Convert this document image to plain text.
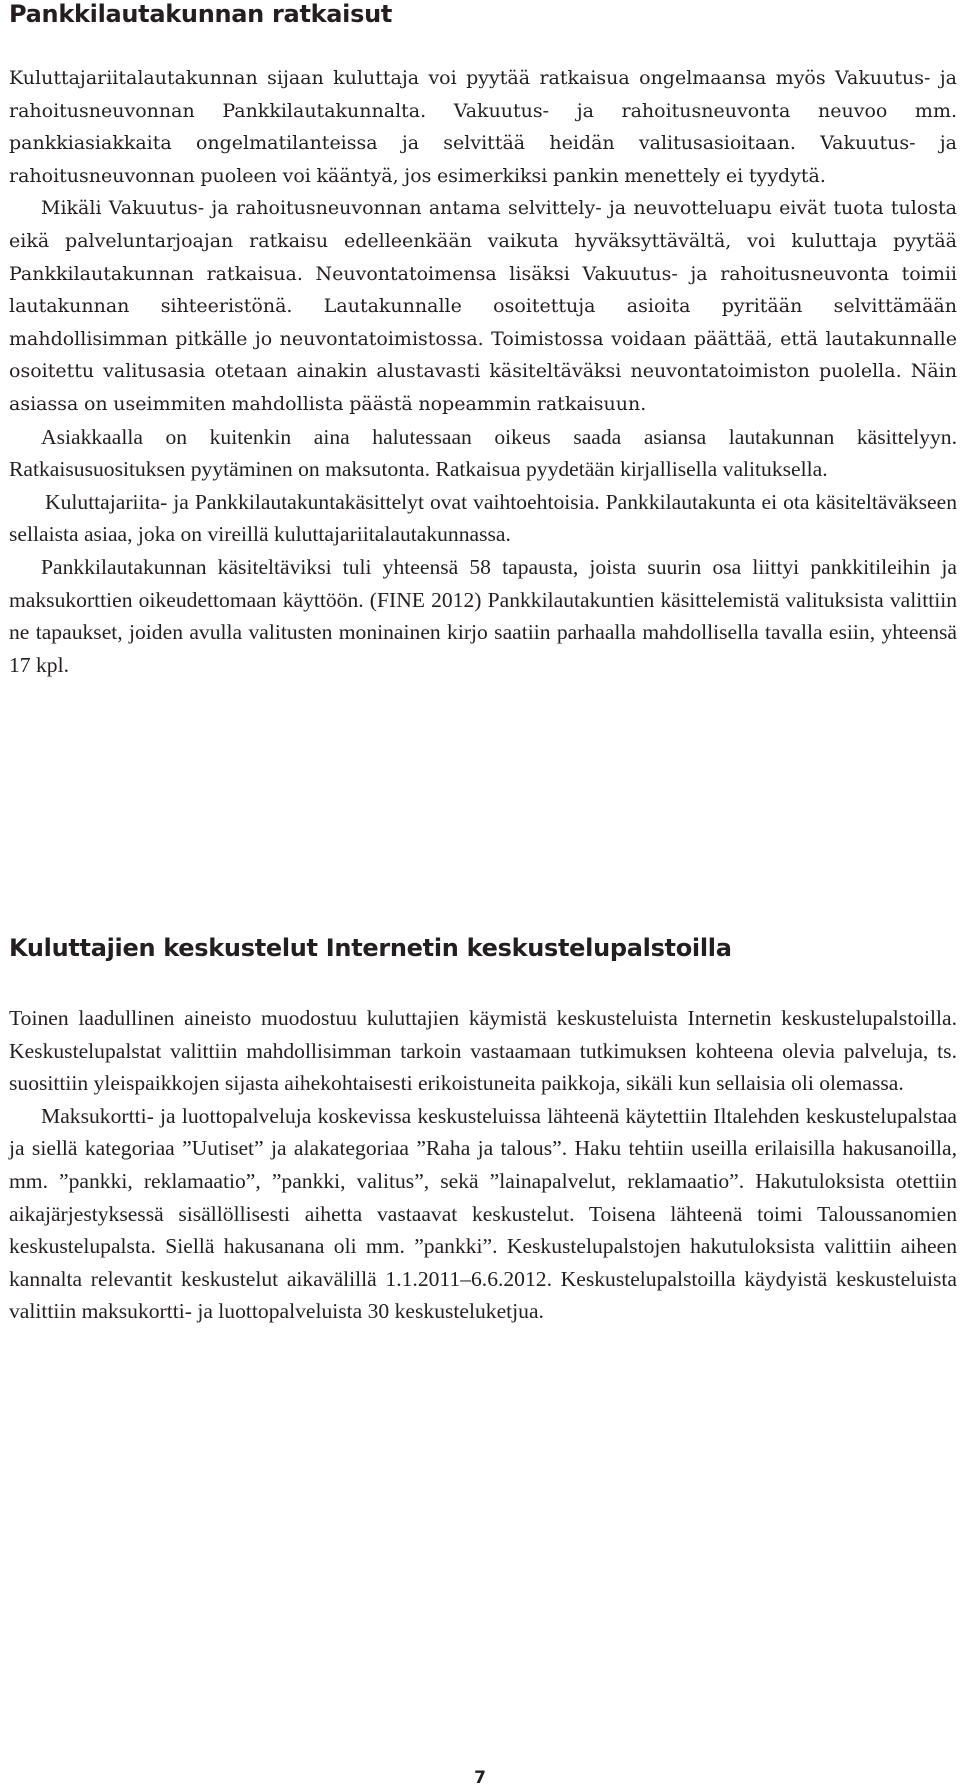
Pankkilautakunnan ratkaisut

Kuluttajariitalautakunnan sijaan kuluttaja voi pyytää ratkaisua ongelmaansa myös Vakuutus- ja rahoitusneuvonnan Pankkilautakunnalta. Vakuutus- ja rahoitusneuvonta neuvoo mm. pankkiasiakkaita ongelmatilanteissa ja selvittää heidän valitusasioitaan. Vakuutus- ja rahoitusneuvonnan puoleen voi kääntyä, jos esimerkiksi pankin menettely ei tyydytä.

Mikäli Vakuutus- ja rahoitusneuvonnan antama selvittely- ja neuvotteluapu eivät tuota tulosta eikä palveluntarjoajan ratkaisu edelleenkään vaikuta hyväksyttävältä, voi kuluttaja pyytää Pankkilautakunnan ratkaisua. Neuvontatoimensa lisäksi Vakuutus- ja rahoitusneuvonta toimii lautakunnan sihteeristönä. Lautakunnalle osoitettuja asioita pyritään selvittämään mahdollisimman pitkälle jo neuvontatoimistossa. Toimistossa voidaan päättää, että lautakunnalle osoitettu valitusasia otetaan ainakin alustavasti käsiteltäväksi neuvontatoimiston puolella. Näin asiassa on useimmiten mahdollista päästä nopeammin ratkaisuun.

Asiakkaalla on kuitenkin aina halutessaan oikeus saada asiansa lautakunnan käsittelyyn. Ratkaisusuosituksen pyytäminen on maksutonta. Ratkaisua pyydetään kirjallisella valituksella.

Kuluttajariita- ja Pankkilautakuntakäsittelyt ovat vaihtoehtoisia. Pankkilautakunta ei ota käsiteltäväkseen sellaista asiaa, joka on vireillä kuluttajariitalautakunnassa.

Pankkilautakunnan käsiteltäviksi tuli yhteensä 58 tapausta, joista suurin osa liittyi pankkitileihin ja maksukorttien oikeudettomaan käyttöön. (FINE 2012) Pankkilautakuntien käsittelemistä valituksista valittiin ne tapaukset, joiden avulla valitusten moninainen kirjo saatiin parhaalla mahdollisella tavalla esiin, yhteensä 17 kpl.

Kuluttajien keskustelut Internetin keskustelupalstoilla

Toinen laadullinen aineisto muodostuu kuluttajien käymistä keskusteluista Internetin keskustelupalstoilla. Keskustelupalstat valittiin mahdollisimman tarkoin vastaamaan tutkimuksen kohteena olevia palveluja, ts. suosittiin yleispaikkojen sijasta aihekohtaisesti erikoistuneita paikkoja, sikäli kun sellaisia oli olemassa.

Maksukortti- ja luottopalveluja koskevissa keskusteluissa lähteenä käytettiin Iltalehden keskustelupalstaa ja siellä kategoriaa ”Uutiset” ja alakategoriaa ”Raha ja talous”. Haku tehtiin useilla erilaisilla hakusanoilla, mm. ”pankki, reklamaatio”, ”pankki, valitus”, sekä ”lainapalvelut, reklamaatio”. Hakutuloksista otettiin aikajärjestyksessä sisällöllisesti aihetta vastaavat keskustelut. Toisena lähteenä toimi Taloussanomien keskustelupalsta. Siellä hakusanana oli mm. ”pankki”. Keskustelupalstojen hakutuloksista valittiin aiheen kannalta relevantit keskustelut aikavälillä 1.1.2011–6.6.2012. Keskustelupalstoilla käydyistä keskusteluista valittiin maksukortti- ja luottopalveluista 30 keskusteluketjua.

7
